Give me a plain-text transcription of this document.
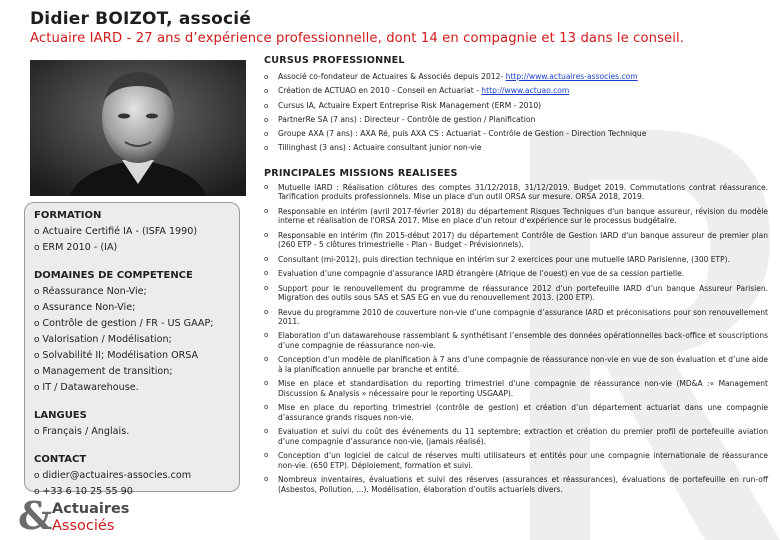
Didier BOIZOT, associé
Actuaire IARD - 27 ans d’expérience professionnelle, dont 14 en compagnie et 13 dans le conseil.
FORMATION
o Actuaire Certifié IA - (ISFA 1990)
o ERM 2010 - (IA)
DOMAINES DE COMPETENCE
o Réassurance Non-Vie;
o Assurance Non-Vie;
o Contrôle de gestion / FR - US GAAP;
o Valorisation / Modélisation;
o Solvabilité II; Modélisation ORSA
o Management de transition;
o IT / Datawarehouse.
LANGUES
o Français / Anglais.
CONTACT
o didier@actuaires-associes.com
o +33 6 10 25 55 90
& Actuaires
Associés
CURSUS PROFESSIONNEL
o Associé co-fondateur de Actuaires & Associés depuis 2012- http://www.actuaires-associes.com
o Création de ACTUAO en 2010 - Conseil en Actuariat - http://www.actuao.com
o Cursus IA, Actuaire Expert Entreprise Risk Management (ERM - 2010)
o PartnerRe SA (7 ans) : Directeur - Contrôle de gestion / Planification
o Groupe AXA (7 ans) : AXA Ré, puis AXA CS : Actuariat - Contrôle de Gestion - Direction Technique
o Tillinghast (3 ans) : Actuaire consultant junior non-vie
PRINCIPALES MISSIONS REALISEES
o Mutuelle IARD : Réalisation clôtures des comptes 31/12/2018, 31/12/2019. Budget 2019. Commutations contrat réassurance. Tarification produits professionnels. Mise un place d'un outil ORSA sur mesure. ORSA 2018, 2019.
o Responsable en intérim (avril 2017-février 2018) du département Risques Techniques d'un banque assureur, révision du modèle interne et réalisation de l'ORSA 2017. Mise en place d'un retour d'expérience sur le processus budgétaire.
o Responsable en intérim (fin 2015-début 2017) du département Contrôle de Gestion IARD d'un banque assureur de premier plan (260 ETP - 5 clôtures trimestrielle - Plan - Budget - Prévisionnels).
o Consultant (mi-2012), puis direction technique en intérim sur 2 exercices pour une mutuelle IARD Parisienne, (300 ETP).
o Evaluation d’une compagnie d’assurance IARD étrangère (Afrique de l’ouest) en vue de sa cession partielle.
o Support pour le renouvellement du programme de réassurance 2012 d’un portefeuille IARD d’un banque Assureur Parisien. Migration des outils sous SAS et SAS EG en vue du renouvellement 2013. (200 ETP).
o Revue du programme 2010 de couverture non-vie d’une compagnie d’assurance IARD et préconisations pour son renouvellement 2011.
o Elaboration d’un datawarehouse rassemblant & synthétisant l’ensemble des données opérationnelles back-office et souscriptions d’une compagnie de réassurance non-vie.
o Conception d’un modèle de planification à 7 ans d’une compagnie de réassurance non-vie en vue de son évaluation et d’une aide à la planification annuelle par branche et entité.
o Mise en place et standardisation du reporting trimestriel d’une compagnie de réassurance non-vie (MD&A :« Management Discussion & Analysis » nécessaire pour le reporting USGAAP).
o Mise en place du reporting trimestriel (contrôle de gestion) et création d’un département actuariat dans une compagnie d’assurance grands risques non-vie.
o Evaluation et suivi du coût des événements du 11 septembre; extraction et création du premier profil de portefeuille aviation d’une compagnie d’assurance non-vie, (jamais réalisé).
o Conception d’un logiciel de calcul de réserves multi utilisateurs et entités pour une compagnie internationale de réassurance non-vie. (650 ETP). Déploiement, formation et suivi.
o Nombreux inventaires, évaluations et suivi des réserves (assurances et réassurances), évaluations de portefeuille en run-off (Asbestos, Pollution, ...). Modélisation, élaboration d’outils actuariels divers.
